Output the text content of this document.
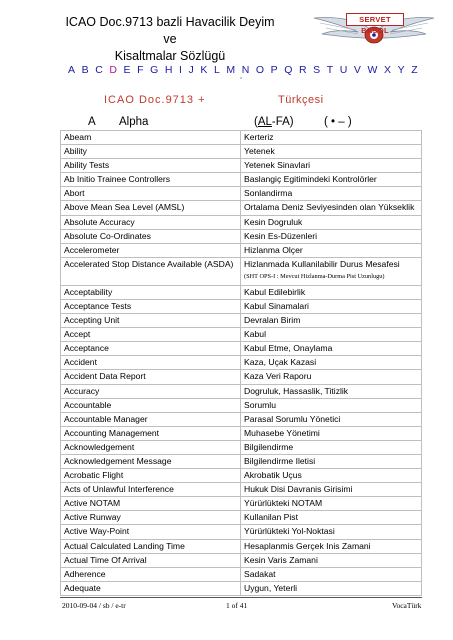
ICAO Doc.9713 bazli Havacilik Deyim ve
Kisaltmalar Sözlügü
SERVET BASOL
A B C D E F G H I J K L M N O P Q R S T U V W X Y Z
ˇ
ICAO Doc.9713 +	Türkçesi
A Alpha	(AL-FA)	( • – )
Abeam	Kerteriz
Ability	Yetenek
Ability Tests	Yetenek Sinavlari
Ab Initio Trainee Controllers	Baslangiç Egitimindeki Kontrolörler
Abort	Sonlandirma
Above Mean Sea Level (AMSL)	Ortalama Deniz Seviyesinden olan Yükseklik
Absolute Accuracy	Kesin Dogruluk
Absolute Co-Ordinates	Kesin Es-Düzenleri
Accelerometer	Hizlanma Olçer
Accelerated Stop Distance Available (ASDA)	Hizlanmada Kullanilabilir Durus Mesafesi
(SHT OPS-I : Mevcut Hizlanma-Durma Pist Uzunlugu)

Acceptability	Kabul Edilebirlik
Acceptance Tests	Kabul Sinamalari
Accepting Unit	Devralan Birim
Accept	Kabul
Acceptance	Kabul Etme, Onaylama
Accident	Kaza, Uçak Kazasi
Accident Data Report	Kaza Veri Raporu
Accuracy	Dogruluk, Hassaslik, Titizlik
Accountable	Sorumlu
Accountable Manager	Parasal Sorumlu Yönetici
Accounting Management	Muhasebe Yönetimi
Acknowledgement	Bilgilendirme
Acknowledgement Message	Bilgilendirme Iletisi
Acrobatic Flight	Akrobatik Uçus
Acts of Unlawful Interference	Hukuk Disi Davranis Girisimi
Active NOTAM	Yürürlükteki NOTAM
Active Runway	Kullanilan Pist
Active Way-Point	Yürürlükteki Yol-Noktasi
Actual Calculated Landing Time	Hesaplanmis Gerçek Inis Zamani
Actual Time Of Arrival	Kesin Varis Zamani
Adherence	Sadakat
Adequate	Uygun, Yeterli
2010-09-04 / sb / e-tr	1 of 41	VocaTürk
